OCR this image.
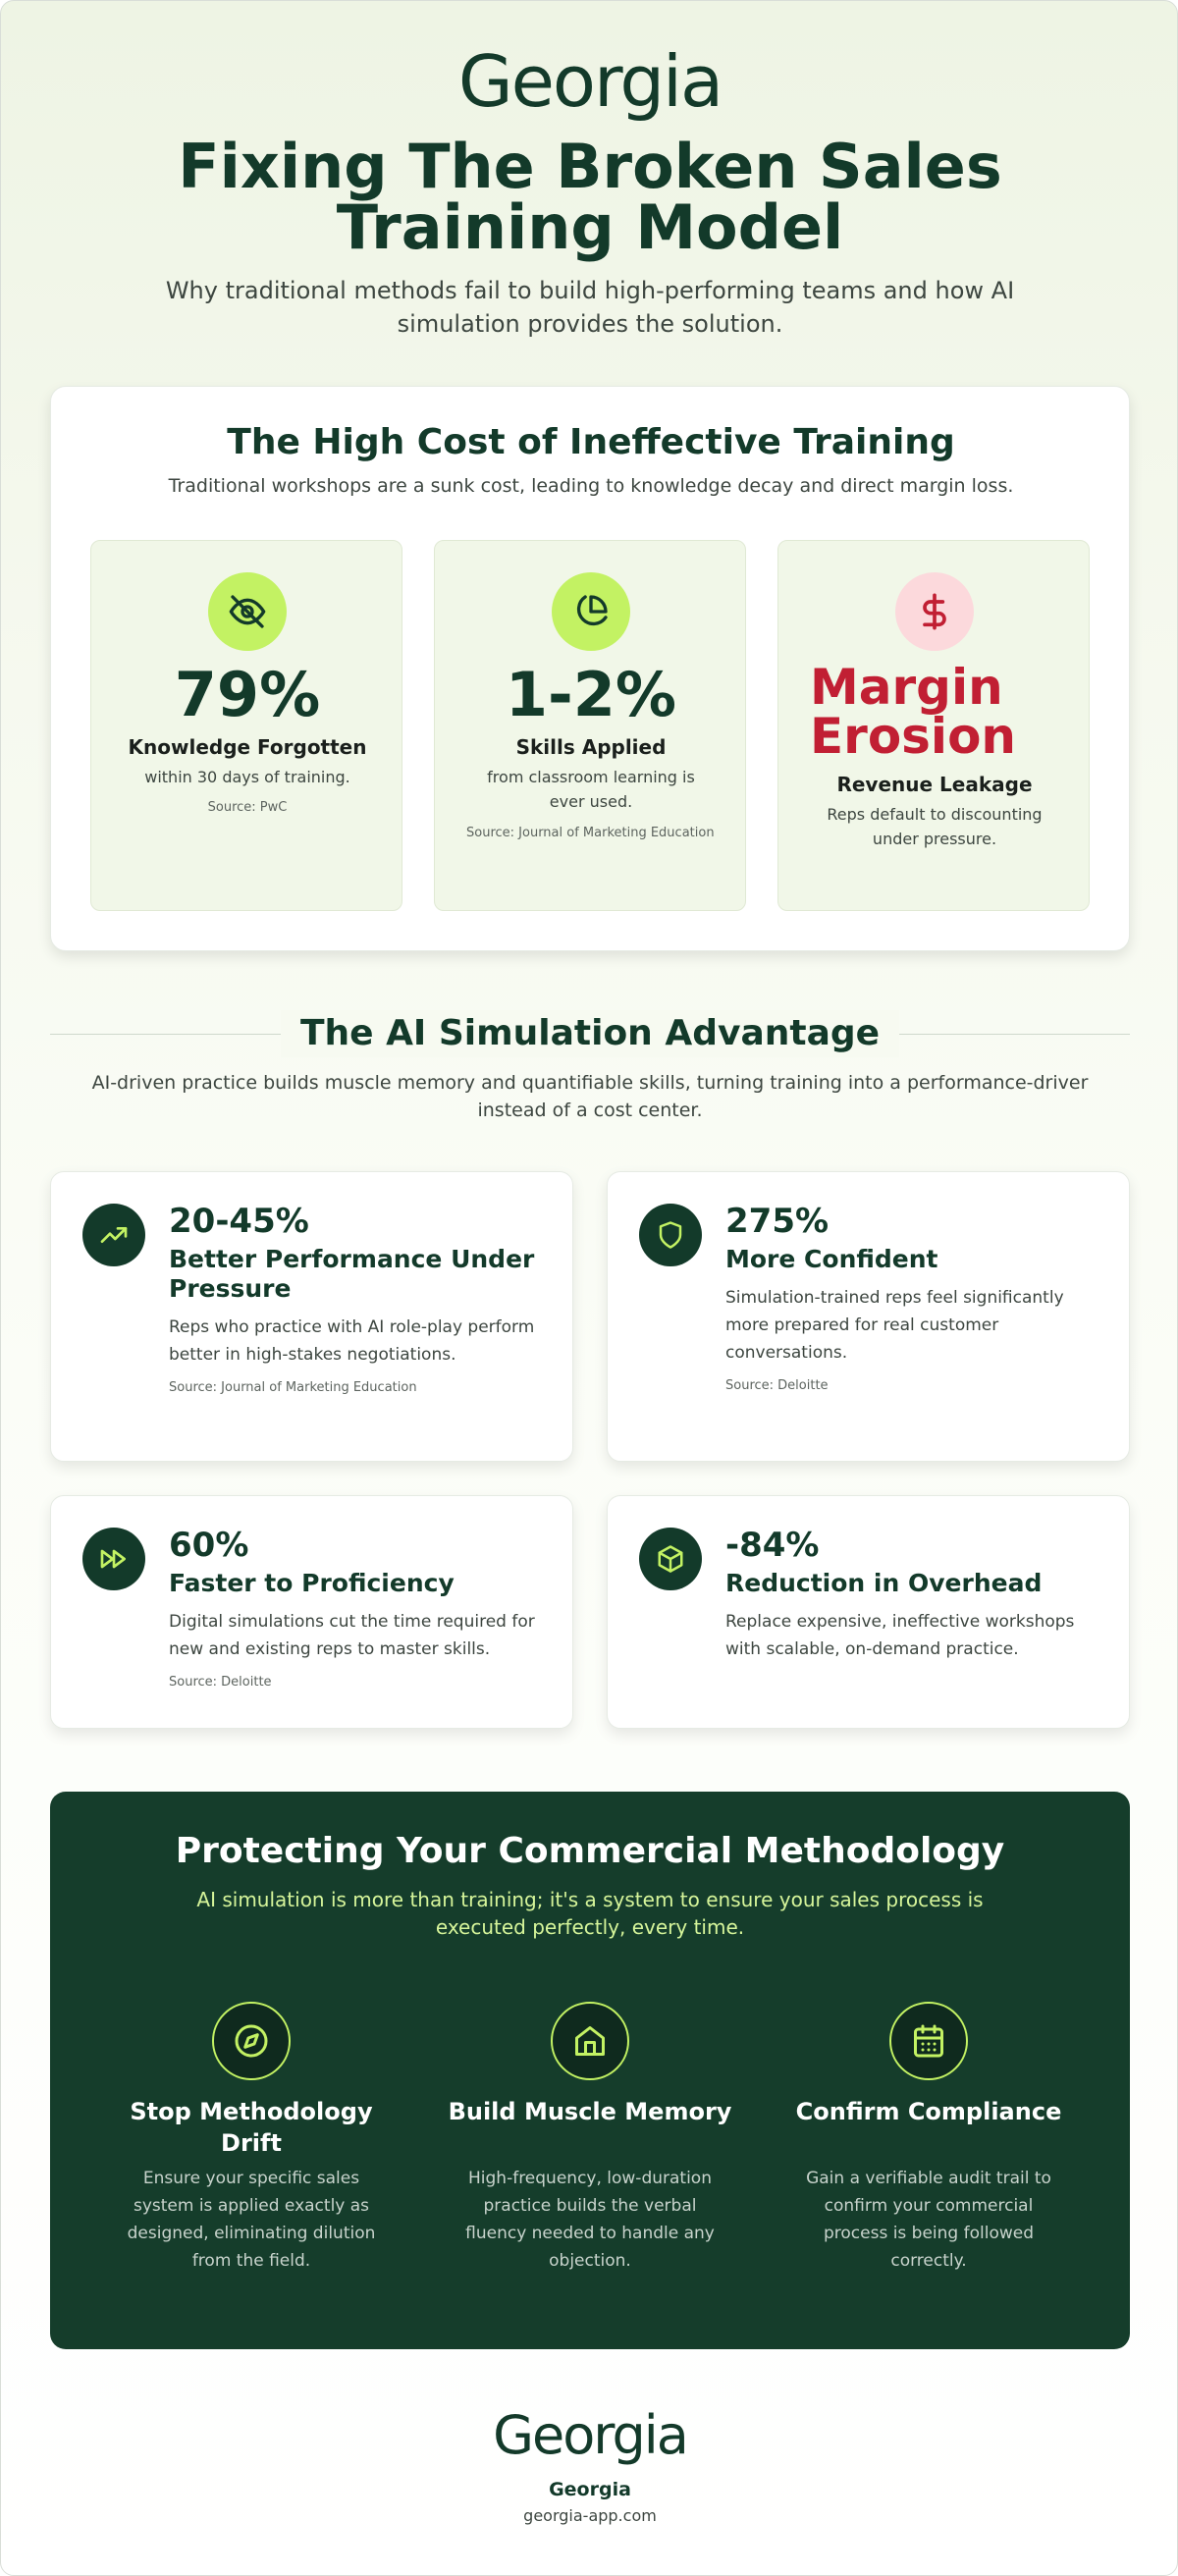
Georgia
Fixing The Broken Sales Training Model

Why traditional methods fail to build high-performing teams and how AI simulation provides the solution.

The High Cost of Ineffective Training

Traditional workshops are a sunk cost, leading to knowledge decay and direct margin loss.

79%
Knowledge Forgotten
within 30 days of training.
Source: PwC
1-2%
Skills Applied
from classroom learning is ever used.
Source: Journal of Marketing Education
Margin Erosion
Revenue Leakage
Reps default to discounting under pressure.
The AI Simulation Advantage

AI-driven practice builds muscle memory and quantifiable skills, turning training into a performance-driver instead of a cost center.

20-45%
Better Performance Under Pressure
Reps who practice with AI role-play perform better in high-stakes negotiations.
Source: Journal of Marketing Education
275%
More Confident
Simulation-trained reps feel significantly more prepared for real customer conversations.
Source: Deloitte
60%
Faster to Proficiency
Digital simulations cut the time required for new and existing reps to master skills.
Source: Deloitte
-84%
Reduction in Overhead
Replace expensive, ineffective workshops with scalable, on-demand practice.
Protecting Your Commercial Methodology

AI simulation is more than training; it's a system to ensure your sales process is executed perfectly, every time.

Stop Methodology Drift
Ensure your specific sales system is applied exactly as designed, eliminating dilution from the field.
Build Muscle Memory
High-frequency, low-duration practice builds the verbal fluency needed to handle any objection.
Confirm Compliance
Gain a verifiable audit trail to confirm your commercial process is being followed correctly.
Georgia
Georgia
georgia-app.com
